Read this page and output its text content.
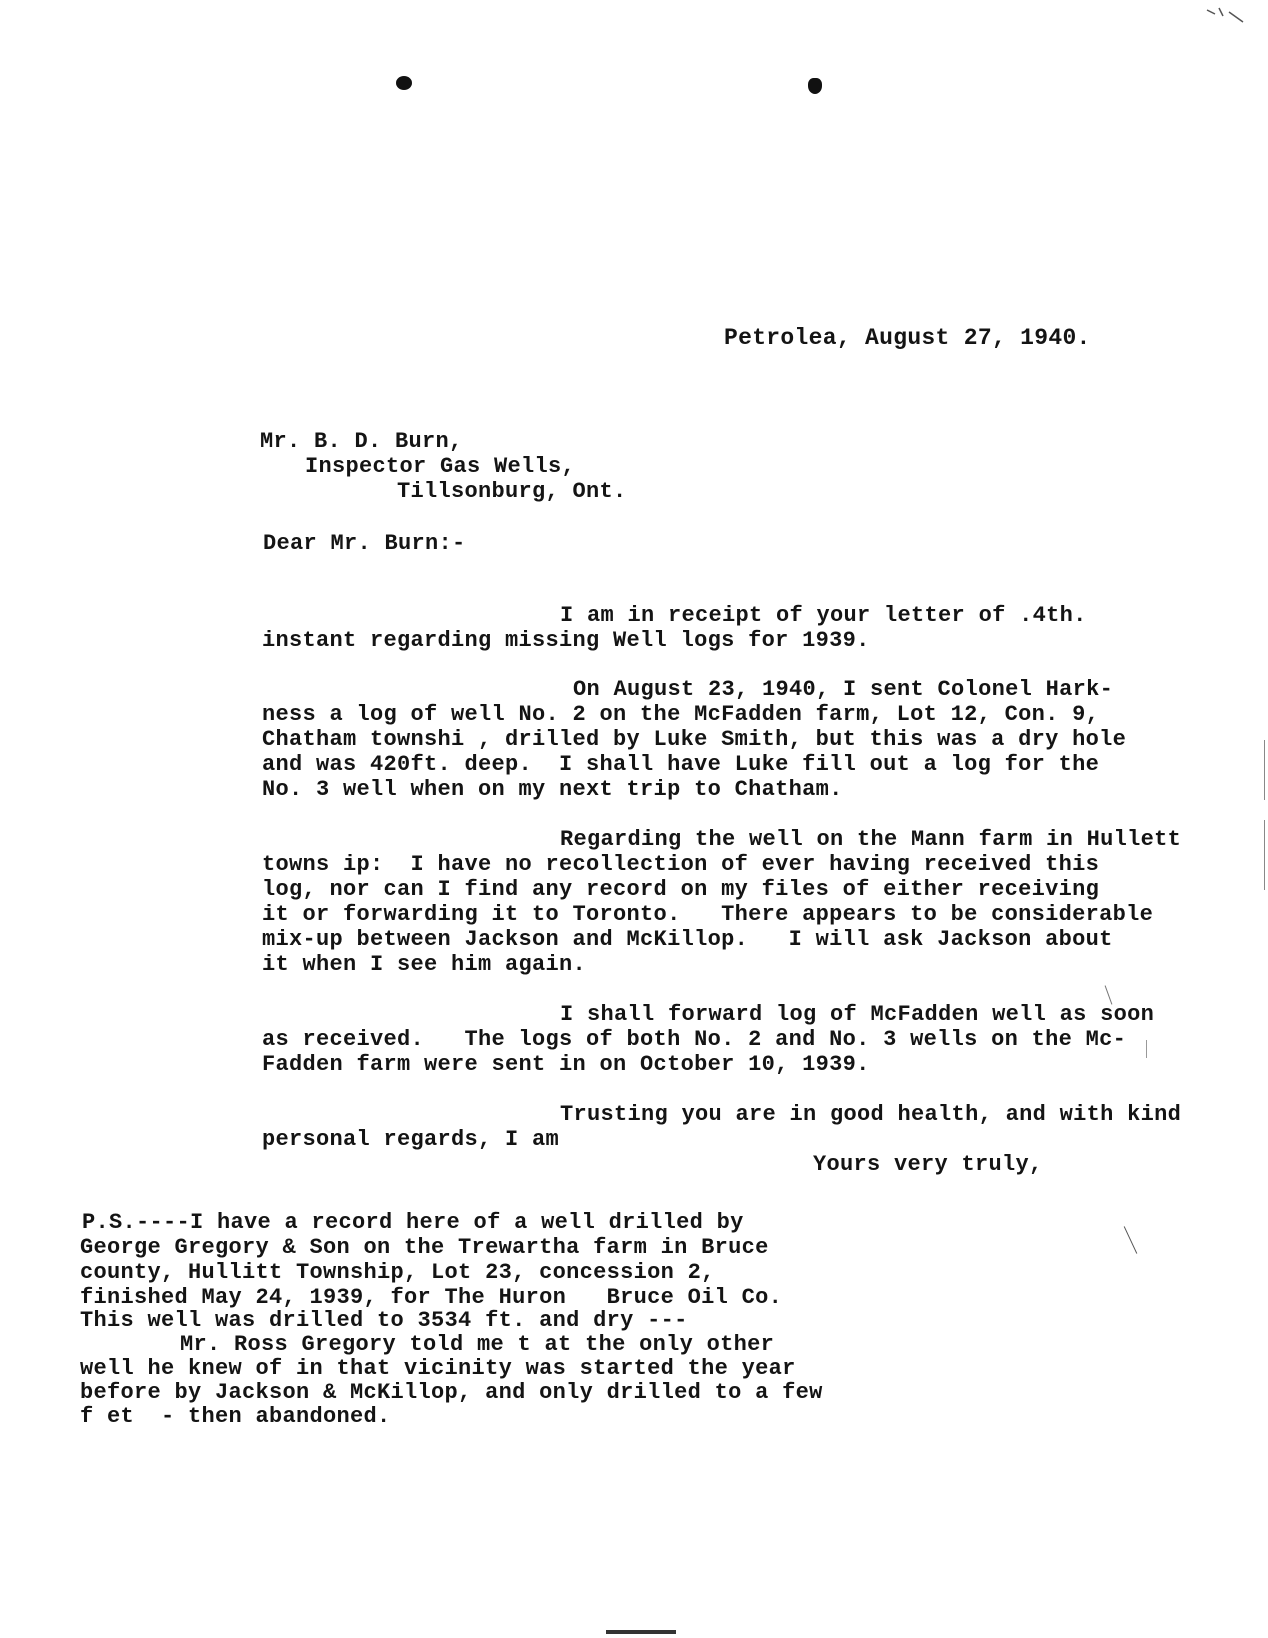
Petrolea, August 27, 1940.
Mr. B. D. Burn,
Inspector Gas Wells,
Tillsonburg, Ont.
Dear Mr. Burn:-
I am in receipt of your letter of .4th.
instant regarding missing Well logs for 1939.
On August 23, 1940, I sent Colonel Hark-
ness a log of well No. 2 on the McFadden farm, Lot 12, Con. 9,
Chatham townshi , drilled by Luke Smith, but this was a dry hole
and was 420ft. deep.  I shall have Luke fill out a log for the
No. 3 well when on my next trip to Chatham.
Regarding the well on the Mann farm in Hullett
towns ip:  I have no recollection of ever having received this
log, nor can I find any record on my files of either receiving
it or forwarding it to Toronto.   There appears to be considerable
mix-up between Jackson and McKillop.   I will ask Jackson about
it when I see him again.
I shall forward log of McFadden well as soon
as received.   The logs of both No. 2 and No. 3 wells on the Mc-
Fadden farm were sent in on October 10, 1939.
Trusting you are in good health, and with kind
personal regards, I am
Yours very truly,
P.S.----I have a record here of a well drilled by
George Gregory & Son on the Trewartha farm in Bruce
county, Hullitt Township, Lot 23, concession 2,
finished May 24, 1939, for The Huron   Bruce Oil Co.
This well was drilled to 3534 ft. and dry ---
Mr. Ross Gregory told me t at the only other
well he knew of in that vicinity was started the year
before by Jackson & McKillop, and only drilled to a few
f et  - then abandoned.
